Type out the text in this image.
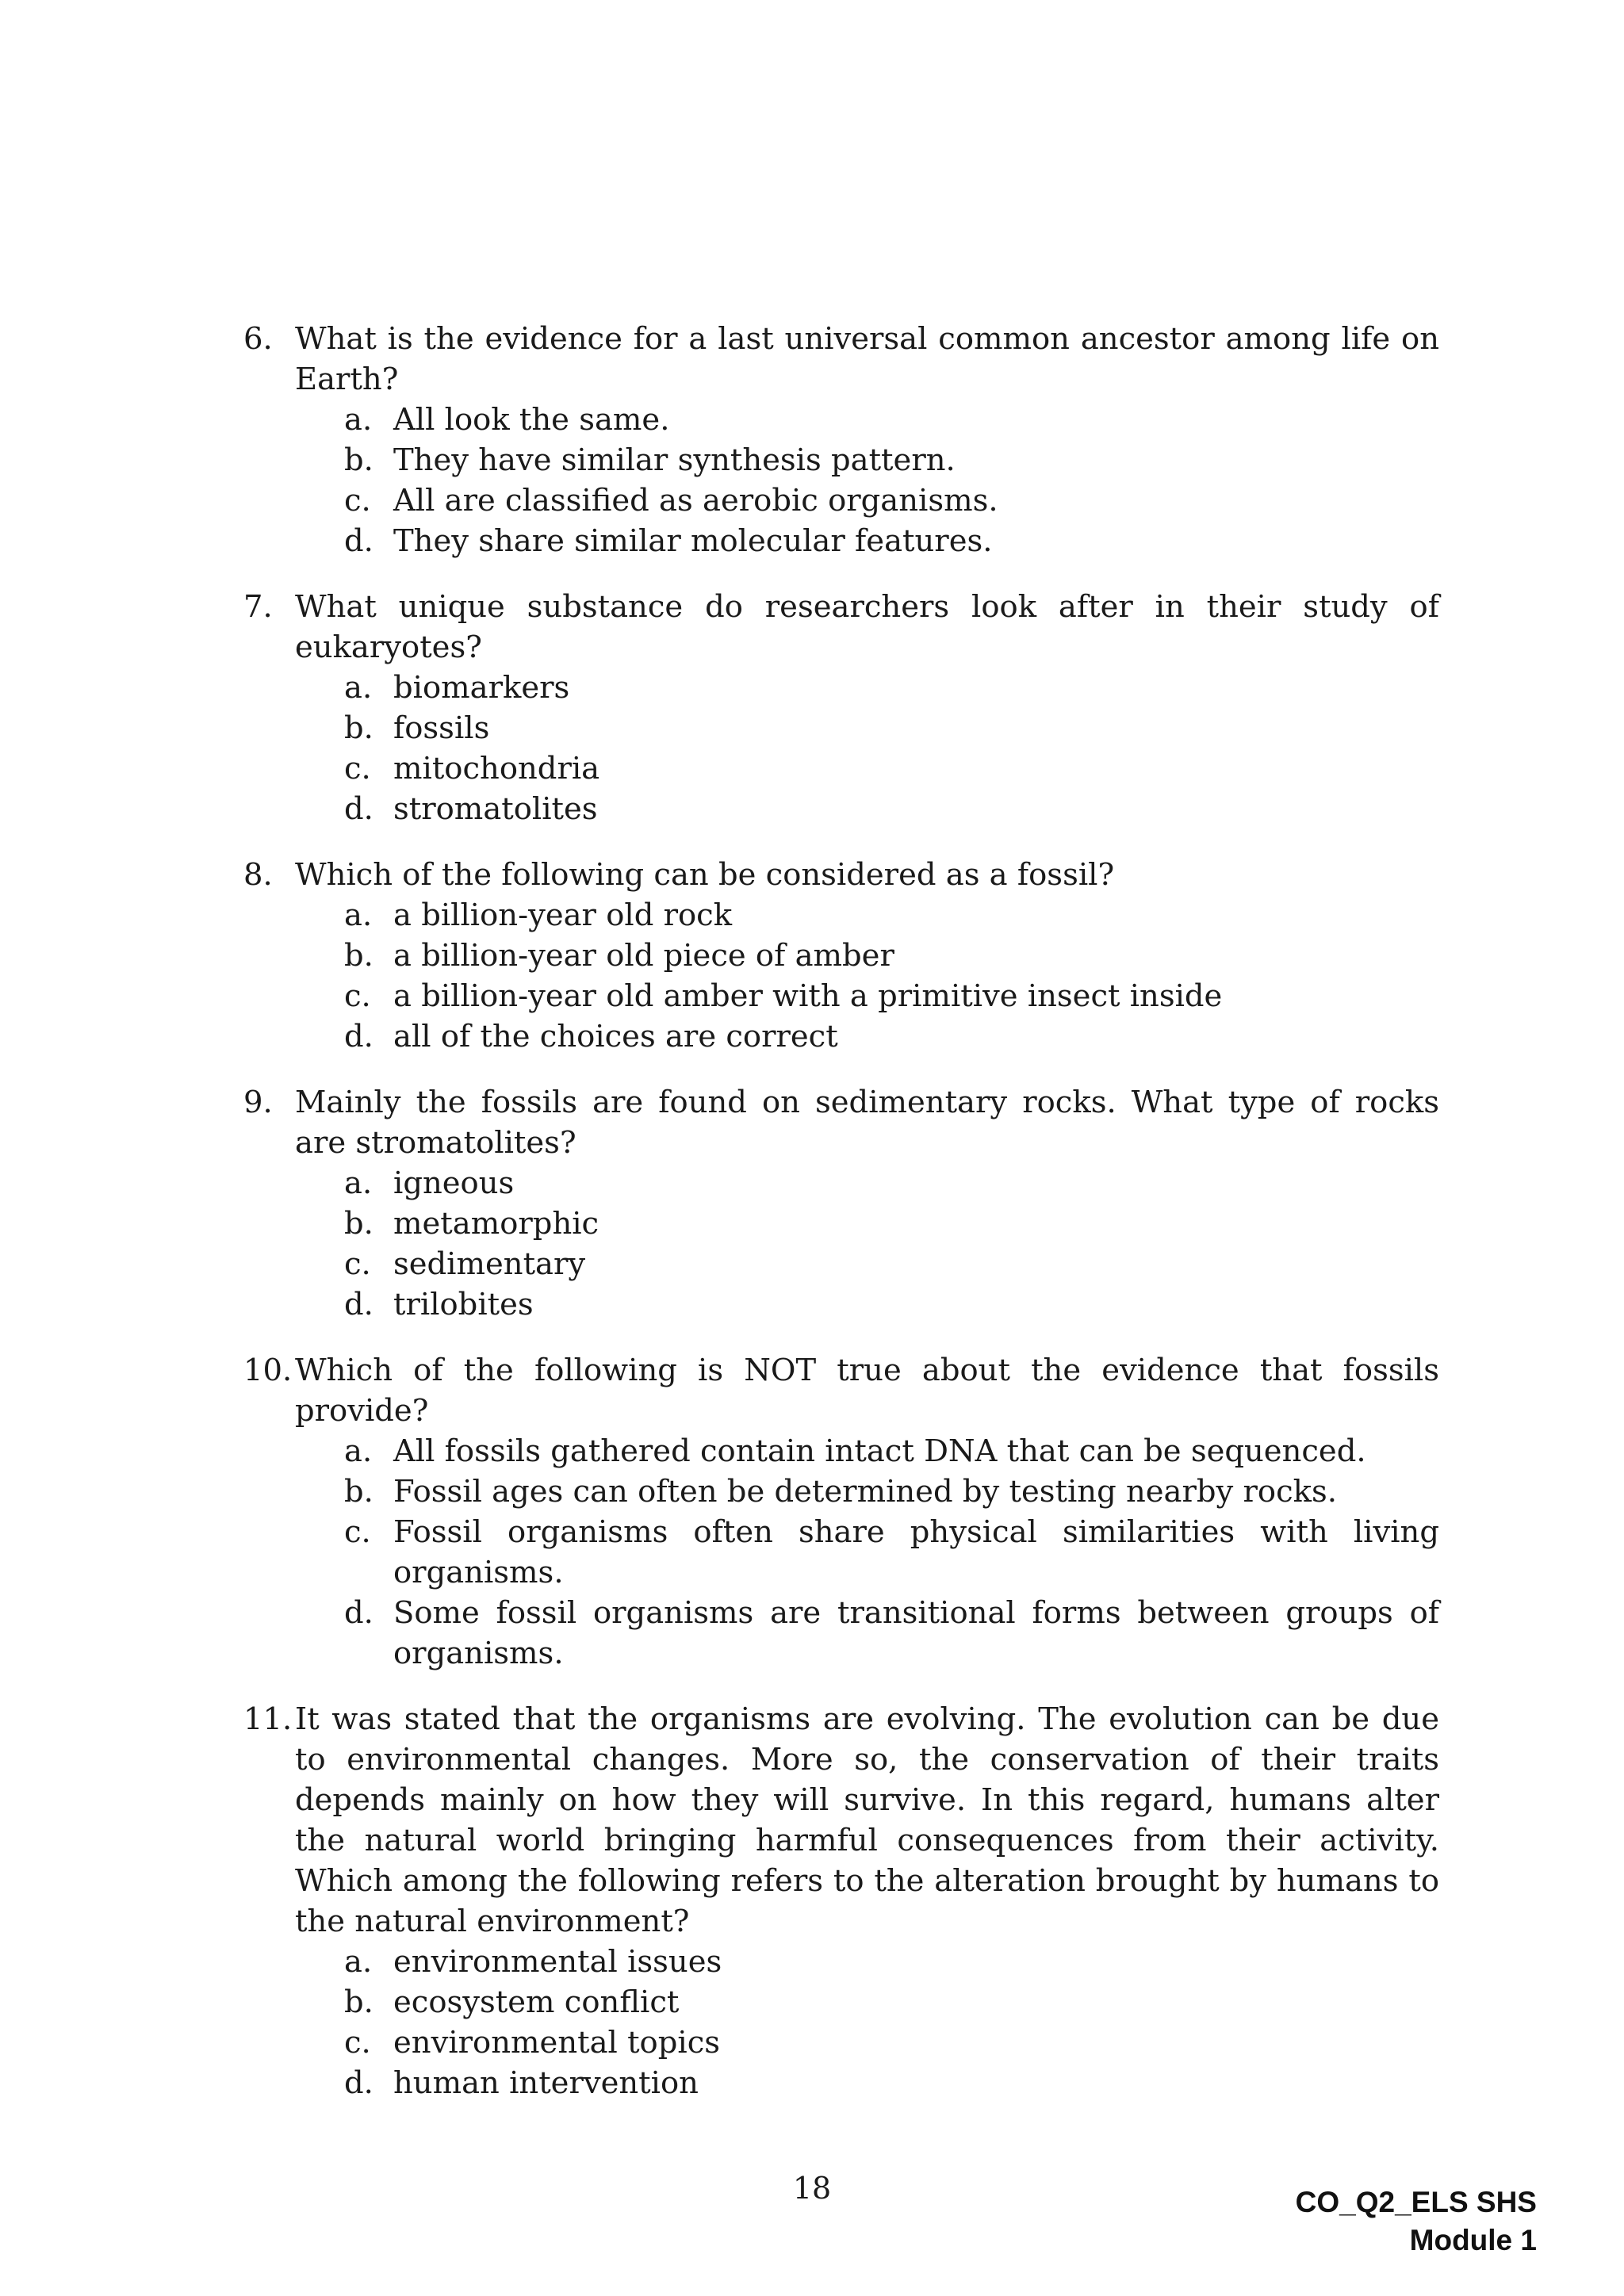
6. What is the evidence for a last universal common ancestor among life on Earth?
a. All look the same.
b. They have similar synthesis pattern.
c. All are classified as aerobic organisms.
d. They share similar molecular features.
7. What unique substance do researchers look after in their study of eukaryotes?
a. biomarkers
b. fossils
c. mitochondria
d. stromatolites
8. Which of the following can be considered as a fossil?
a. a billion-year old rock
b. a billion-year old piece of amber
c. a billion-year old amber with a primitive insect inside
d. all of the choices are correct
9. Mainly the fossils are found on sedimentary rocks. What type of rocks are stromatolites?
a. igneous
b. metamorphic
c. sedimentary
d. trilobites
10. Which of the following is NOT true about the evidence that fossils provide?
a. All fossils gathered contain intact DNA that can be sequenced.
b. Fossil ages can often be determined by testing nearby rocks.
c. Fossil organisms often share physical similarities with living organisms.
d. Some fossil organisms are transitional forms between groups of organisms.
11. It was stated that the organisms are evolving. The evolution can be due to environmental changes. More so, the conservation of their traits depends mainly on how they will survive. In this regard, humans alter the natural world bringing harmful consequences from their activity. Which among the following refers to the alteration brought by humans to the natural environment?
a. environmental issues
b. ecosystem conflict
c. environmental topics
d. human intervention
18	CO_Q2_ELS SHS
Module 1
